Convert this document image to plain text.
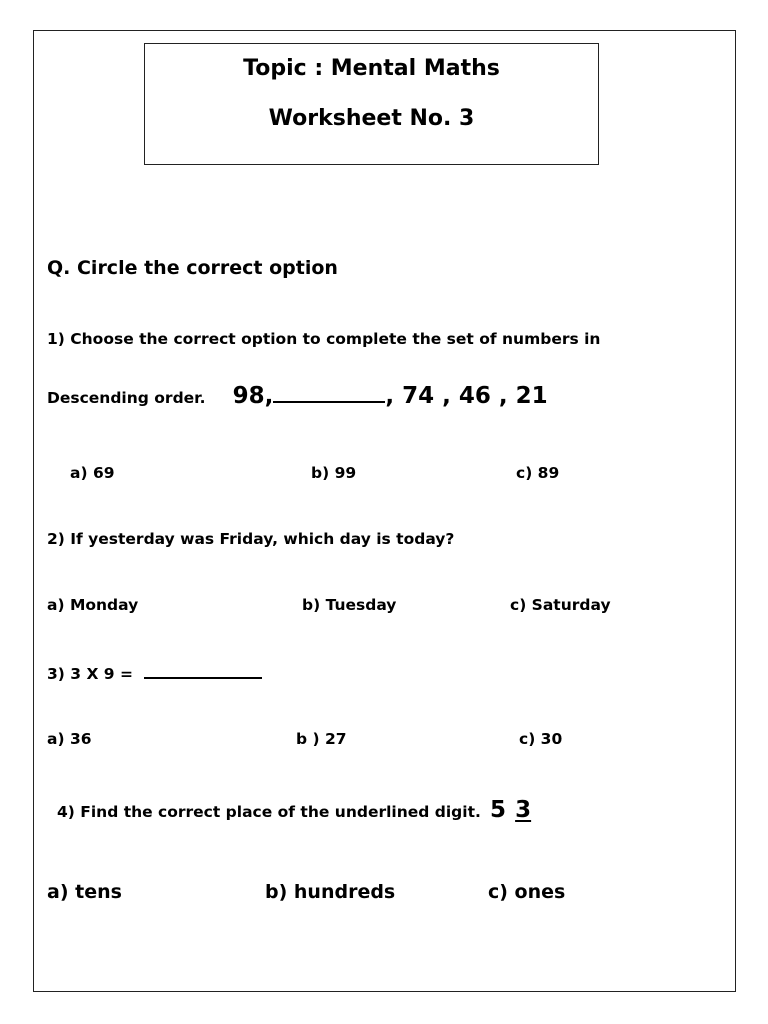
Topic : Mental Maths
Worksheet No. 3
Q. Circle the correct option
1) Choose the correct option to complete the set of numbers in
Descending order. 98,	, 74 , 46 , 21
a) 69	b) 99	c) 89
2) If yesterday was Friday, which day is today?
a) Monday	b) Tuesday	c) Saturday
3) 3 X 9 =
a) 36	b ) 27	c) 30
4) Find the correct place of the underlined digit. 5 3
a) tens	b) hundreds	c) ones
